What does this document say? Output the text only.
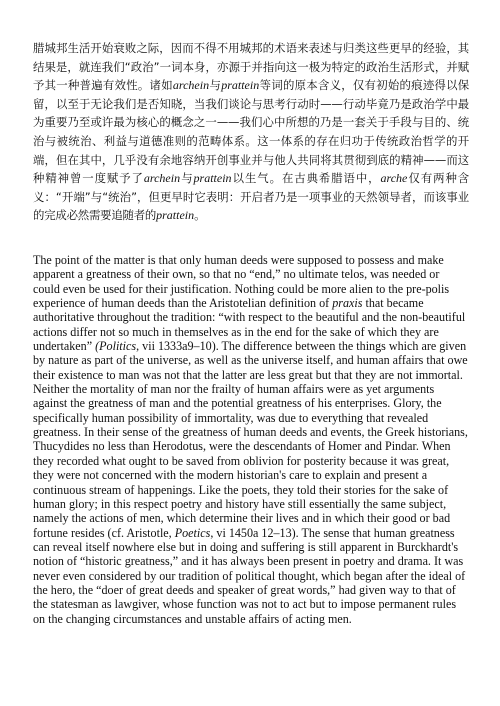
腊城邦生活开始衰败之际，因而不得不用城邦的术语来表述与归类这些更早的经验，其结果是，就连我们“政治”一词本身，亦源于并指向这一极为特定的政治生活形式，并赋予其一种普遍有效性。诸如archein与prattein等词的原本含义，仅有初始的痕迹得以保留，以至于无论我们是否知晓，当我们谈论与思考行动时——行动毕竟乃是政治学中最为重要乃至或许最为核心的概念之一——我们心中所想的乃是一套关于手段与目的、统治与被统治、利益与道德准则的范畴体系。这一体系的存在归功于传统政治哲学的开端，但在其中，几乎没有余地容纳开创事业并与他人共同将其贯彻到底的精神——而这种精神曾一度赋予了archein与prattein以生气。在古典希腊语中，arche仅有两种含义：“开端”与“统治”，但更早时它表明：开启者乃是一项事业的天然领导者，而该事业的完成必然需要追随者的prattein。

The point of the matter is that only human deeds were supposed to possess and make apparent a greatness of their own, so that no “end,” no ultimate telos, was needed or could even be used for their justification. Nothing could be more alien to the pre-polis experience of human deeds than the Aristotelian definition of praxis that became authoritative throughout the tradition: “with respect to the beautiful and the non-beautiful actions differ not so much in themselves as in the end for the sake of which they are undertaken” (Politics, vii 1333a9–10). The difference between the things which are given by nature as part of the universe, as well as the universe itself, and human affairs that owe their existence to man was not that the latter are less great but that they are not immortal. Neither the mortality of man nor the frailty of human affairs were as yet arguments against the greatness of man and the potential greatness of his enterprises. Glory, the specifically human possibility of immortality, was due to everything that revealed greatness. In their sense of the greatness of human deeds and events, the Greek historians, Thucydides no less than Herodotus, were the descendants of Homer and Pindar. When they recorded what ought to be saved from oblivion for posterity because it was great, they were not concerned with the modern historian's care to explain and present a continuous stream of happenings. Like the poets, they told their stories for the sake of human glory; in this respect poetry and history have still essentially the same subject, namely the actions of men, which determine their lives and in which their good or bad fortune resides (cf. Aristotle, Poetics, vi 1450a 12–13). The sense that human greatness can reveal itself nowhere else but in doing and suffering is still apparent in Burckhardt's notion of “historic greatness,” and it has always been present in poetry and drama. It was never even considered by our tradition of political thought, which began after the ideal of the hero, the “doer of great deeds and speaker of great words,” had given way to that of the statesman as lawgiver, whose function was not to act but to impose permanent rules on the changing circumstances and unstable affairs of acting men.
